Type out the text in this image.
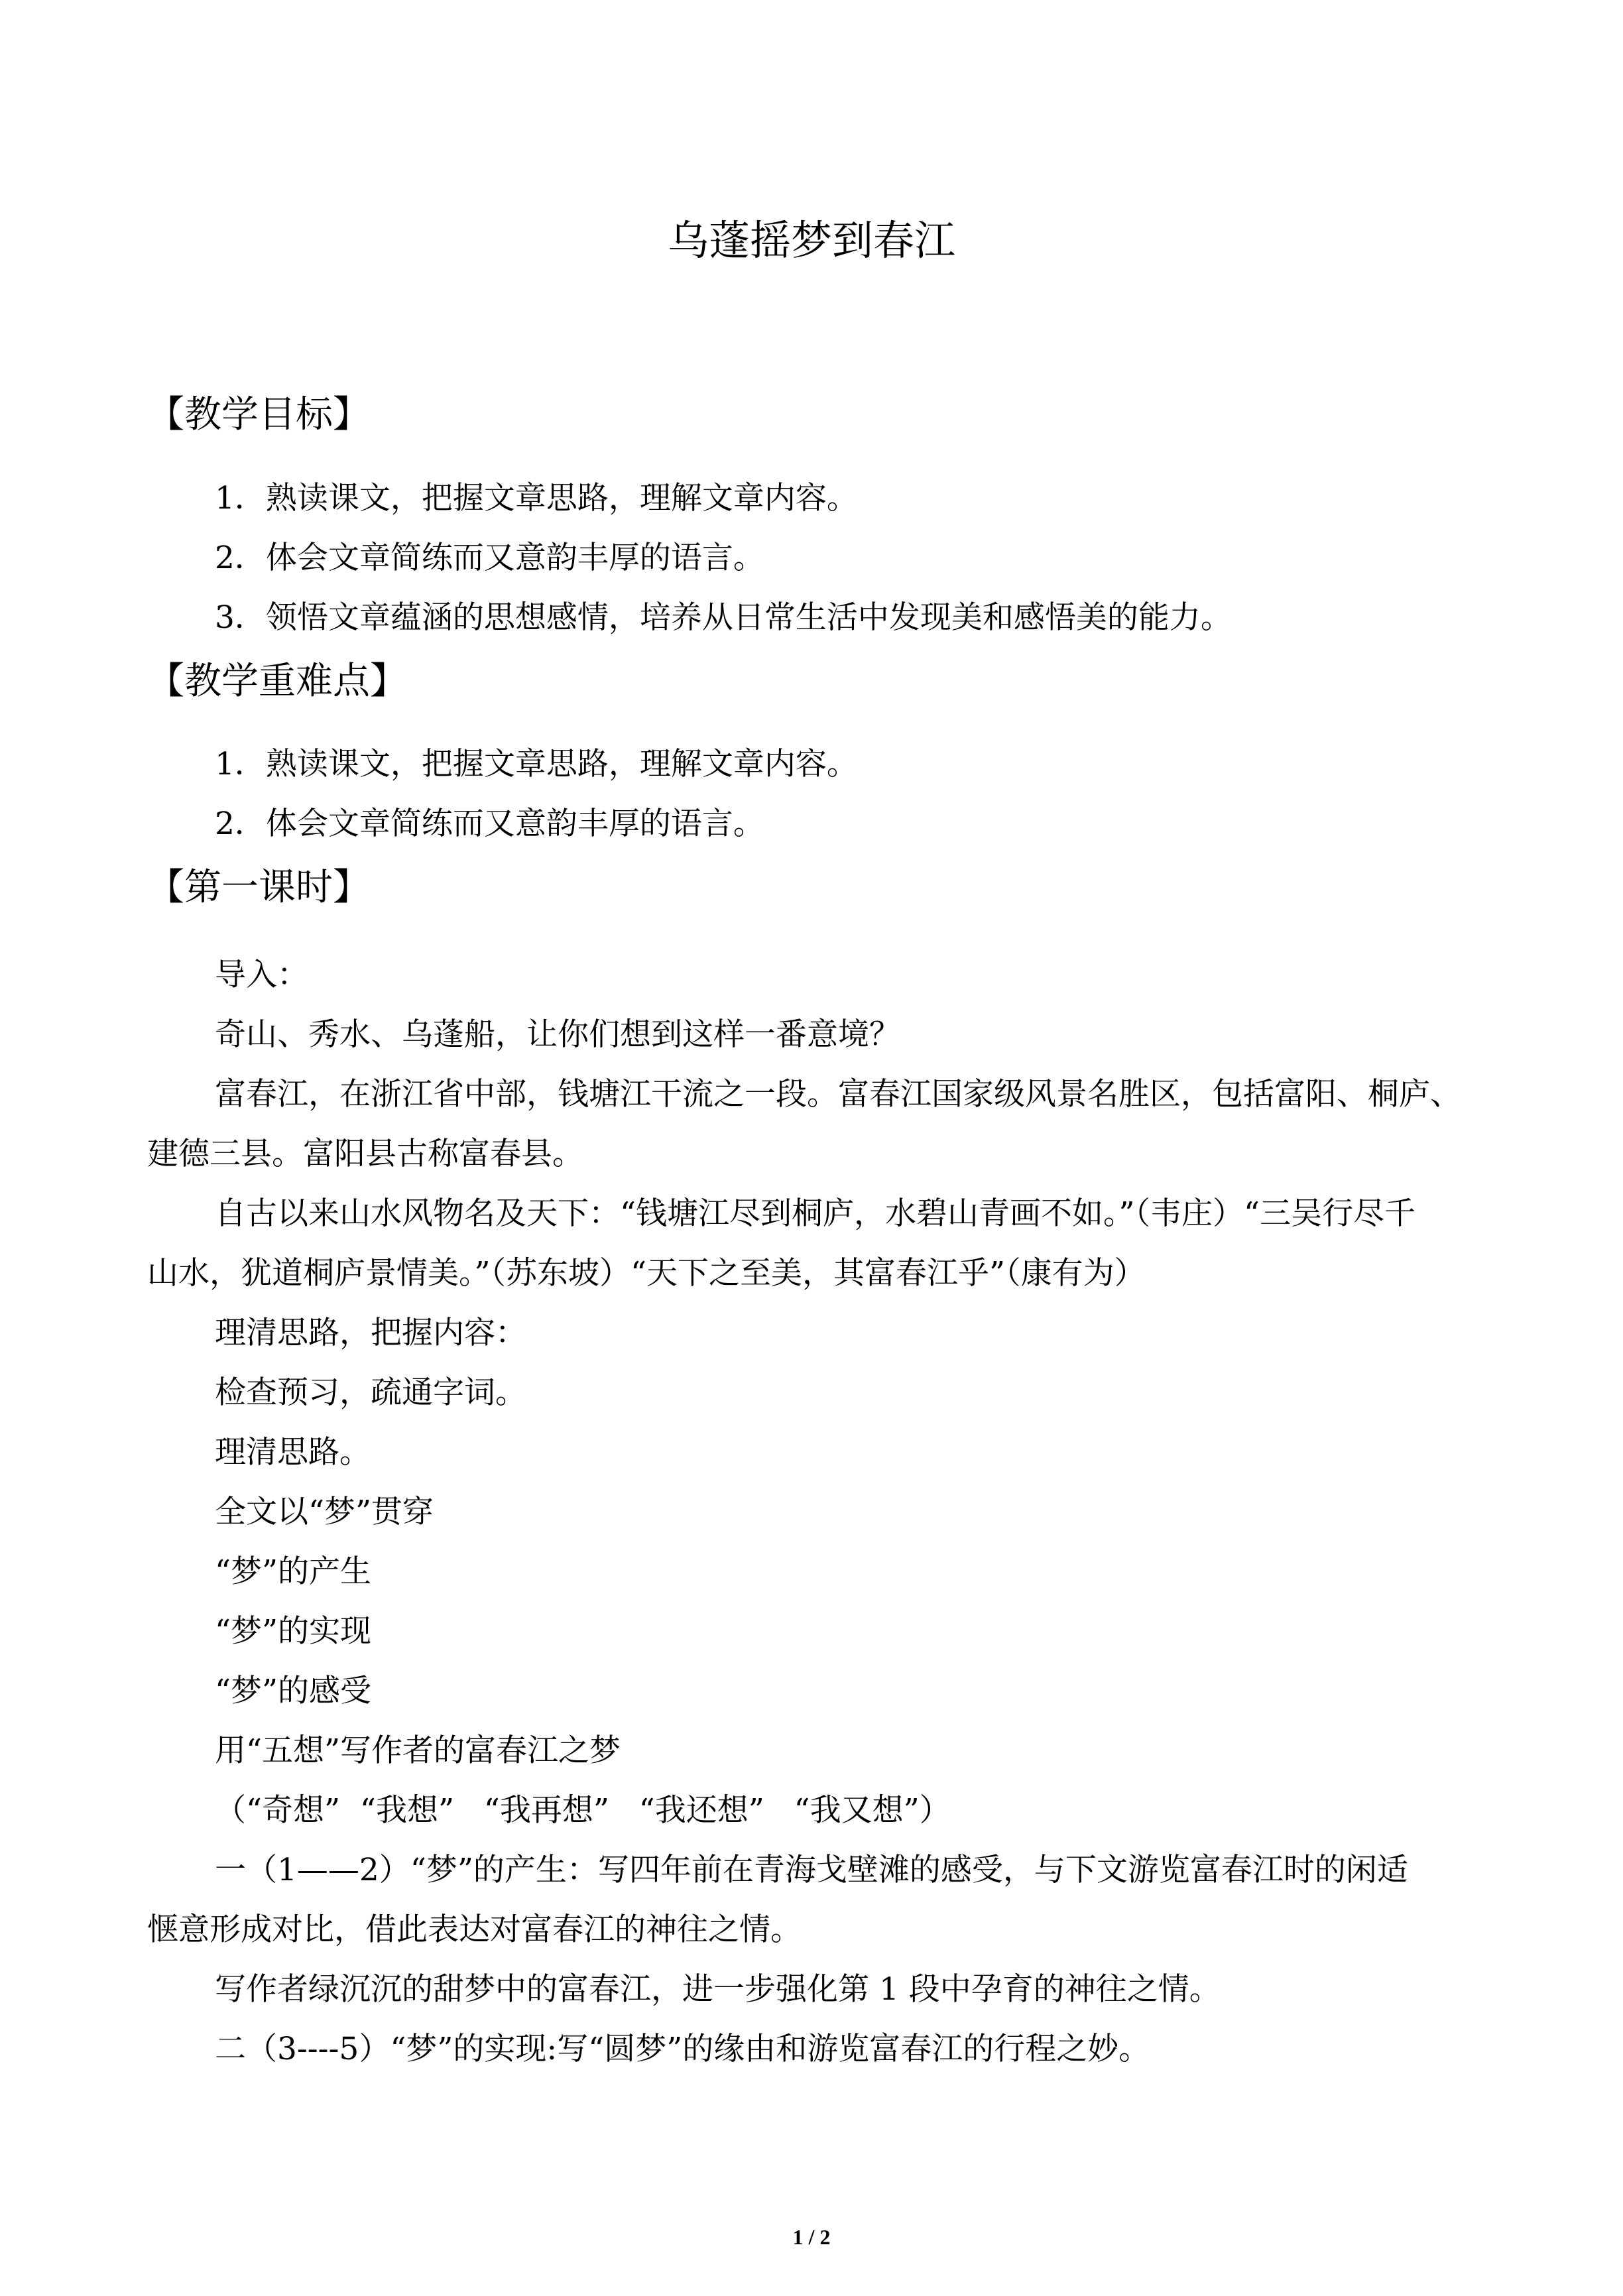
乌蓬摇梦到春江
【教学目标】
1．熟读课文，把握文章思路，理解文章内容。
2．体会文章简练而又意韵丰厚的语言。
3．领悟文章蕴涵的思想感情，培养从日常生活中发现美和感悟美的能力。
【教学重难点】
1．熟读课文，把握文章思路，理解文章内容。
2．体会文章简练而又意韵丰厚的语言。
【第一课时】
导入：
奇山、秀水、乌蓬船，让你们想到这样一番意境？
富春江，在浙江省中部，钱塘江干流之一段。富春江国家级风景名胜区，包括富阳、桐庐、
建德三县。富阳县古称富春县。
自古以来山水风物名及天下：“钱塘江尽到桐庐，水碧山青画不如。”（韦庄）“三吴行尽千
山水，犹道桐庐景情美。”（苏东坡）“天下之至美，其富春江乎”（康有为）
理清思路，把握内容：
检查预习，疏通字词。
理清思路。
全文以“梦”贯穿
“梦”的产生
“梦”的实现
“梦”的感受
用“五想”写作者的富春江之梦
（“奇想”  “我想”   “我再想”   “我还想”   “我又想”）
一（1——2）“梦”的产生：写四年前在青海戈壁滩的感受，与下文游览富春江时的闲适
惬意形成对比，借此表达对富春江的神往之情。
写作者绿沉沉的甜梦中的富春江，进一步强化第 1 段中孕育的神往之情。
二（3----5）“梦”的实现:写“圆梦”的缘由和游览富春江的行程之妙。
1 / 2
